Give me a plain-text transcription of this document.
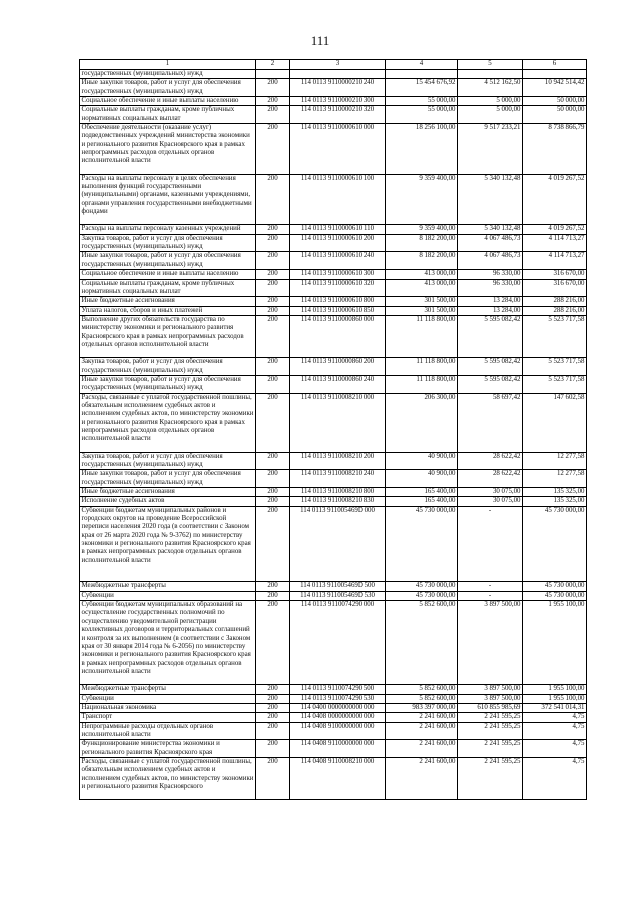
111
1	2	3	4	5	6
государственных (муниципальных) нужд					
Иные закупки товаров, работ и услуг для обеспечения государственных (муниципальных) нужд	200	114 0113 9110000210 240	15 454 676,92	4 512 162,50	10 942 514,42
Социальное обеспечение и иные выплаты населению	200	114 0113 9110000210 300	55 000,00	5 000,00	50 000,00
Социальные выплаты гражданам, кроме публичных нормативных социальных выплат	200	114 0113 9110000210 320	55 000,00	5 000,00	50 000,00
Обеспечение деятельности (оказание услуг) подведомственных учреждений министерства экономики и регионального развития Красноярского края в рамках непрограммных расходов отдельных органов исполнительной власти	200	114 0113 9110000610 000	18 256 100,00	9 517 233,21	8 738 866,79
Расходы на выплаты персоналу в целях обеспечения выполнения функций государственными (муниципальными) органами, казенными учреждениями, органами управления государственными внебюджетными фондами	200	114 0113 9110000610 100	9 359 400,00	5 340 132,48	4 019 267,52
Расходы на выплаты персоналу казенных учреждений	200	114 0113 9110000610 110	9 359 400,00	5 340 132,48	4 019 267,52
Закупка товаров, работ и услуг для обеспечения государственных (муниципальных) нужд	200	114 0113 9110000610 200	8 182 200,00	4 067 486,73	4 114 713,27
Иные закупки товаров, работ и услуг для обеспечения государственных (муниципальных) нужд	200	114 0113 9110000610 240	8 182 200,00	4 067 486,73	4 114 713,27
Социальное обеспечение и иные выплаты населению	200	114 0113 9110000610 300	413 000,00	96 330,00	316 670,00
Социальные выплаты гражданам, кроме публичных нормативных социальных выплат	200	114 0113 9110000610 320	413 000,00	96 330,00	316 670,00
Иные бюджетные ассигнования	200	114 0113 9110000610 800	301 500,00	13 284,00	288 216,00
Уплата налогов, сборов и иных платежей	200	114 0113 9110000610 850	301 500,00	13 284,00	288 216,00
Выполнение других обязательств государства по министерству экономики и регионального развития Красноярского края в рамках непрограммных расходов отдельных органов исполнительной власти	200	114 0113 9110000860 000	11 118 800,00	5 595 082,42	5 523 717,58
Закупка товаров, работ и услуг для обеспечения государственных (муниципальных) нужд	200	114 0113 9110000860 200	11 118 800,00	5 595 082,42	5 523 717,58
Иные закупки товаров, работ и услуг для обеспечения государственных (муниципальных) нужд	200	114 0113 9110000860 240	11 118 800,00	5 595 082,42	5 523 717,58
Расходы, связанные с уплатой государственной пошлины, обязательным исполнением судебных актов и исполнением судебных актов, по министерству экономики и регионального развития Красноярского края в рамках непрограммных расходов отдельных органов исполнительной власти	200	114 0113 9110008210 000	206 300,00	58 697,42	147 602,58
Закупка товаров, работ и услуг для обеспечения государственных (муниципальных) нужд	200	114 0113 9110008210 200	40 900,00	28 622,42	12 277,58
Иные закупки товаров, работ и услуг для обеспечения государственных (муниципальных) нужд	200	114 0113 9110008210 240	40 900,00	28 622,42	12 277,58
Иные бюджетные ассигнования	200	114 0113 9110008210 800	165 400,00	30 075,00	135 325,00
Исполнение судебных актов	200	114 0113 9110008210 830	165 400,00	30 075,00	135 325,00
Субвенции бюджетам муниципальных районов и городских округов на проведение Всероссийской переписи населения 2020 года (в соответствии с Законом края от 26 марта 2020 года № 9-3762) по министерству экономики и регионального развития Красноярского края в рамках непрограммных расходов отдельных органов исполнительной власти	200	114 0113 911005469D 000	45 730 000,00	-	45 730 000,00
Межбюджетные трансферты	200	114 0113 911005469D 500	45 730 000,00	-	45 730 000,00
Субвенции	200	114 0113 911005469D 530	45 730 000,00	-	45 730 000,00
Субвенции бюджетам муниципальных образований на осуществление государственных полномочий по осуществлению уведомительной регистрации коллективных договоров и территориальных соглашений и контроля за их выполнением (в соответствии с Законом края от 30 января 2014 года № 6-2056) по министерству экономики и регионального развития Красноярского края в рамках непрограммных расходов отдельных органов исполнительной власти	200	114 0113 9110074290 000	5 852 600,00	3 897 500,00	1 955 100,00
Межбюджетные трансферты	200	114 0113 9110074290 500	5 852 600,00	3 897 500,00	1 955 100,00
Субвенции	200	114 0113 9110074290 530	5 852 600,00	3 897 500,00	1 955 100,00
Национальная экономика	200	114 0400 0000000000 000	983 397 000,00	610 855 985,69	372 541 014,31
Транспорт	200	114 0408 0000000000 000	2 241 600,00	2 241 595,25	4,75
Непрограммные расходы отдельных органов исполнительной власти	200	114 0408 9100000000 000	2 241 600,00	2 241 595,25	4,75
Функционирование министерства экономики и регионального развития Красноярского края	200	114 0408 9110000000 000	2 241 600,00	2 241 595,25	4,75
Расходы, связанные с уплатой государственной пошлины, обязательным исполнением судебных актов и исполнением судебных актов, по министерству экономики и регионального развития Красноярского	200	114 0408 9110008210 000	2 241 600,00	2 241 595,25	4,75
